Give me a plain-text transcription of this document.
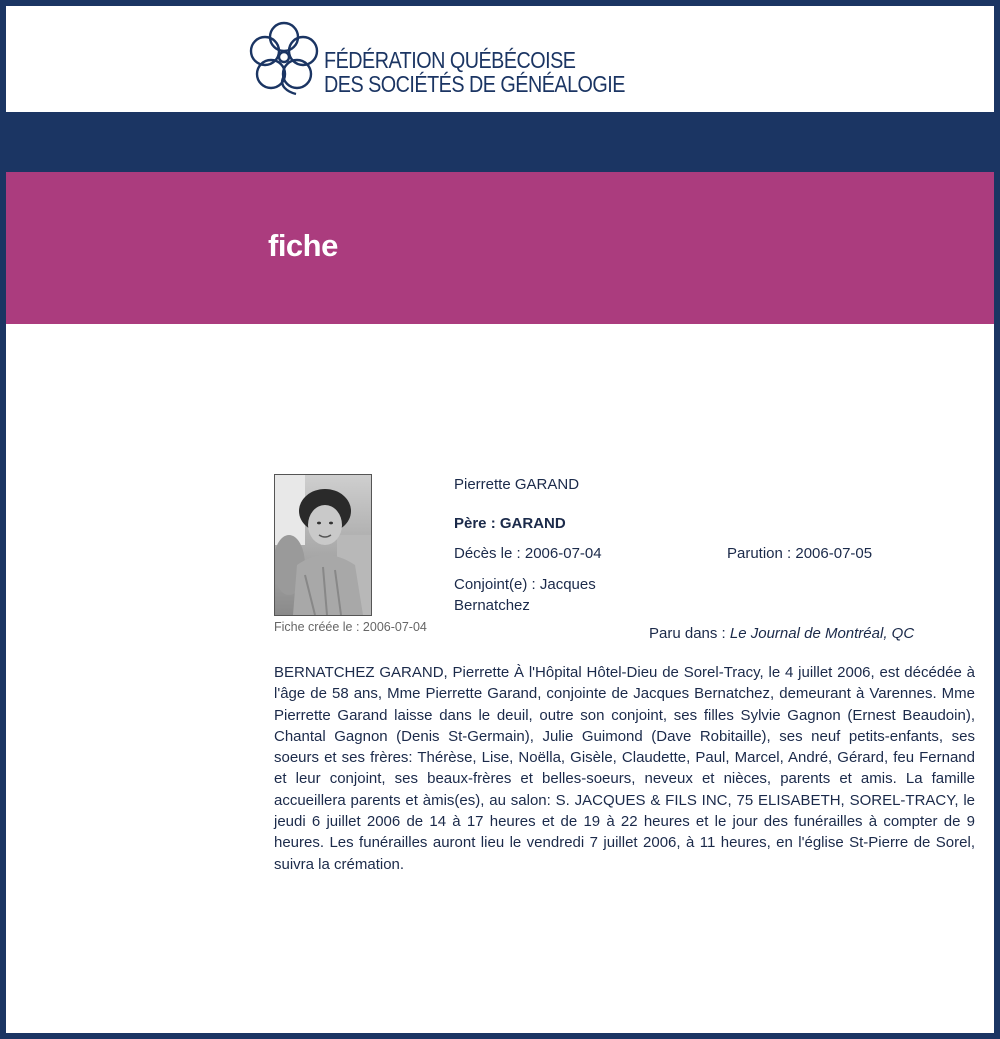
FÉDÉRATION QUÉBÉCOISE
DES SOCIÉTÉS DE GÉNÉALOGIE
fiche
Fiche créée le : 2006-07-04
Pierrette GARAND
Père : GARAND
Décès le : 2006-07-04	Parution : 2006-07-05
Conjoint(e) : Jacques Bernatchez
Paru dans : Le Journal de Montréal, QC
BERNATCHEZ GARAND, Pierrette À l'Hôpital Hôtel-Dieu de Sorel-Tracy, le 4 juillet 2006, est décédée à l'âge de 58 ans, Mme Pierrette Garand, conjointe de Jacques Bernatchez, demeurant à Varennes. Mme Pierrette Garand laisse dans le deuil, outre son conjoint, ses filles Sylvie Gagnon (Ernest Beaudoin), Chantal Gagnon (Denis St-Germain), Julie Guimond (Dave Robitaille), ses neuf petits-enfants, ses soeurs et ses frères: Thérèse, Lise, Noëlla, Gisèle, Claudette, Paul, Marcel, André, Gérard, feu Fernand et leur conjoint, ses beaux-frères et belles-soeurs, neveux et nièces, parents et amis. La famille accueillera parents et àmis(es), au salon: S. JACQUES & FILS INC, 75 ELISABETH, SOREL-TRACY, le jeudi 6 juillet 2006 de 14 à 17 heures et de 19 à 22 heures et le jour des funérailles à compter de 9 heures. Les funérailles auront lieu le vendredi 7 juillet 2006, à 11 heures, en l'église St-Pierre de Sorel, suivra la crémation.
